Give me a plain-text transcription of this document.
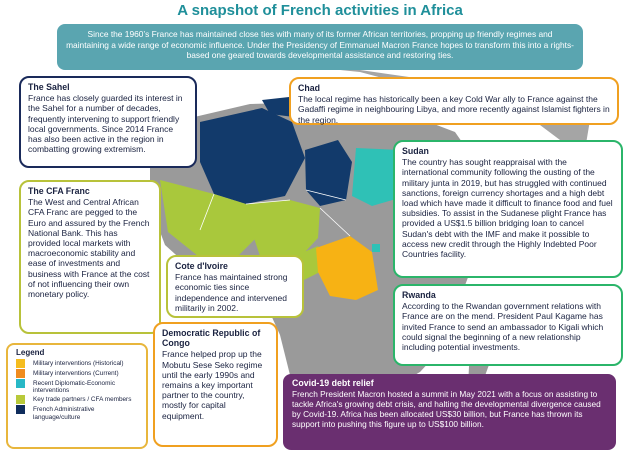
A snapshot of French activities in Africa
Since the 1960’s France has maintained close ties with many of its former African territories, propping up friendly regimes and maintaining a wide range of economic influence. Under the Presidency of Emmanuel Macron France hopes to transform this into a rights-based one geared towards developmental assistance and restoring ties.
The Sahel
France has closely guarded its interest in the Sahel for a number of decades, frequently intervening to support friendly local governments. Since 2014 France has also been active in the region in combatting growing extremism.
Chad
The local regime has historically been a key Cold War ally to France against the Gadaffi regime in neighbouring Libya, and more recently against Islamist fighters in the region.
Sudan
The country has sought reappraisal with the international community following the ousting of the military junta in 2019, but has struggled with continued sanctions, foreign currency shortages and a high debt load which have made it difficult to finance food and fuel subsidies. To assist in the Sudanese plight France has provided a US$1.5 billion bridging loan to cancel Sudan's debt with the IMF and make it possible to access new credit through the Highly Indebted Poor Countries facility.
The CFA Franc
The West and Central African CFA Franc are pegged to the Euro and assured by the French National Bank. This has provided local markets with macroeconomic stability and ease of investments and business with France at the cost of not influencing their own monetary policy.
Cote d'Ivoire
France has maintained strong economic ties since independence and intervened militarily in 2002.
Rwanda
According to the Rwandan government relations with France are on the mend. President Paul Kagame has invited France to send an ambassador to Kigali which could signal the beginning of a new relationship including potential investments.
Democratic Republic of Congo
France helped prop up the Mobutu Sese Seko regime until the early 1990s and remains a key important partner to the country, mostly for capital equipment.
Legend
Military interventions (Historical)
Military interventions (Current)
Recent Diplomatic-Economic interventions
Key trade partners / CFA members
French Administrative language/culture
Covid-19 debt relief
French President Macron hosted a summit in May 2021 with a focus on assisting to tackle Africa's growing debt crisis, and halting the developmental divergence caused by Covid-19. Africa has been allocated US$30 billion, but France has thrown its support into pushing this figure up to US$100 billion.
